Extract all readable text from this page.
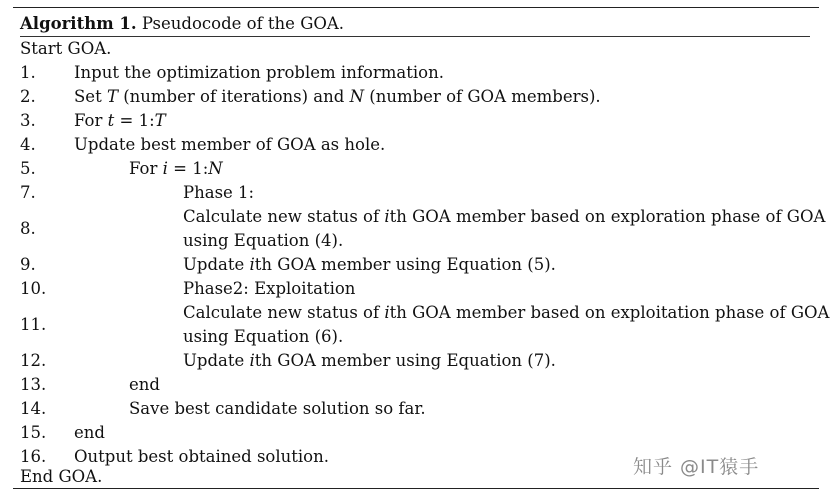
Algorithm 1. Pseudocode of the GOA.
Start GOA.
1. Input the optimization problem information.
2. Set T (number of iterations) and N (number of GOA members).
3. For t = 1:T
4. Update best member of GOA as hole.
5.	For i = 1:N
7.	Phase 1:
8.
Calculate new status of ith GOA member based on exploration phase of GOA
using Equation (4).
9.	Update ith GOA member using Equation (5).
10.	Phase2: Exploitation
11.
Calculate new status of ith GOA member based on exploitation phase of GOA
using Equation (6).
12.	Update ith GOA member using Equation (7).
13.	end
14.	Save best candidate solution so far.
15. end
16. Output best obtained solution.
End GOA.	知乎 @IT猿手
